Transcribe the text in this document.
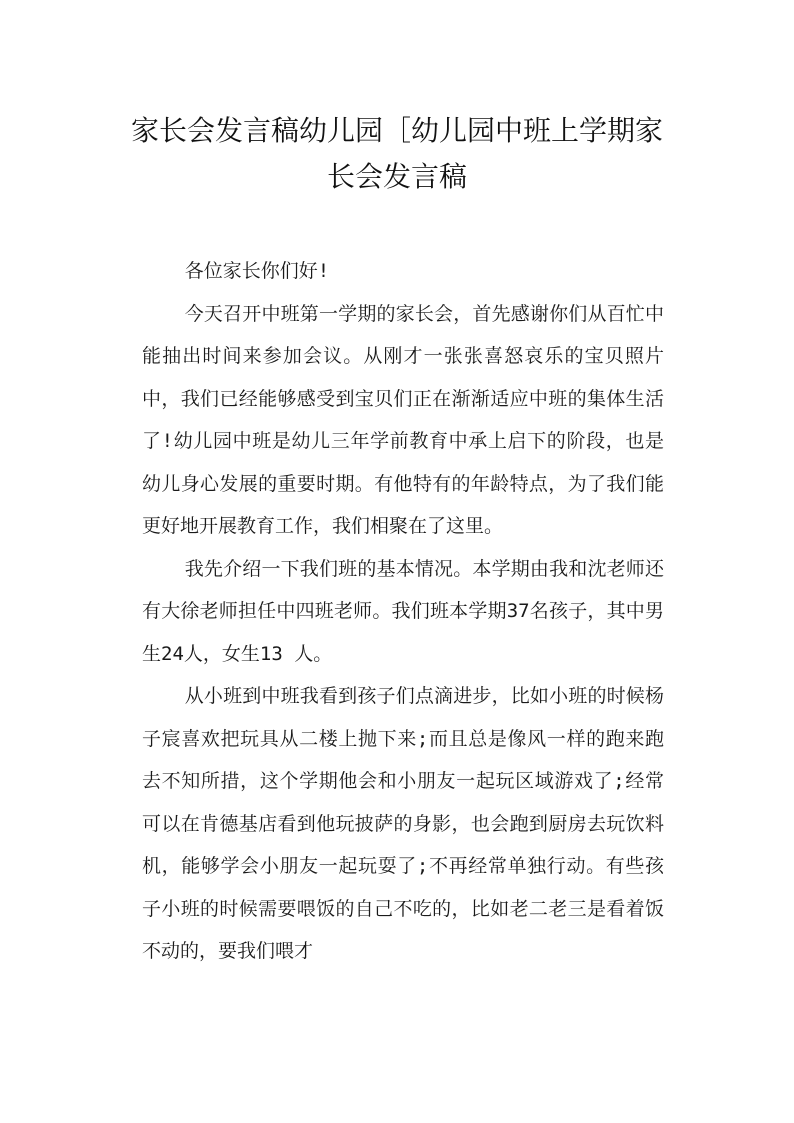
家长会发言稿幼儿园［幼儿园中班上学期家长会发言稿

各位家长你们好!

今天召开中班第一学期的家长会，首先感谢你们从百忙中能抽出时间来参加会议。从刚才一张张喜怒哀乐的宝贝照片中，我们已经能够感受到宝贝们正在渐渐适应中班的集体生活了!幼儿园中班是幼儿三年学前教育中承上启下的阶段，也是幼儿身心发展的重要时期。有他特有的年龄特点，为了我们能更好地开展教育工作，我们相聚在了这里。

我先介绍一下我们班的基本情况。本学期由我和沈老师还有大徐老师担任中四班老师。我们班本学期37名孩子，其中男生24人，女生13 人。

从小班到中班我看到孩子们点滴进步，比如小班的时候杨子宸喜欢把玩具从二楼上抛下来;而且总是像风一样的跑来跑去不知所措，这个学期他会和小朋友一起玩区域游戏了;经常可以在肯德基店看到他玩披萨的身影，也会跑到厨房去玩饮料机，能够学会小朋友一起玩耍了;不再经常单独行动。有些孩子小班的时候需要喂饭的自己不吃的，比如老二老三是看着饭不动的，要我们喂才
